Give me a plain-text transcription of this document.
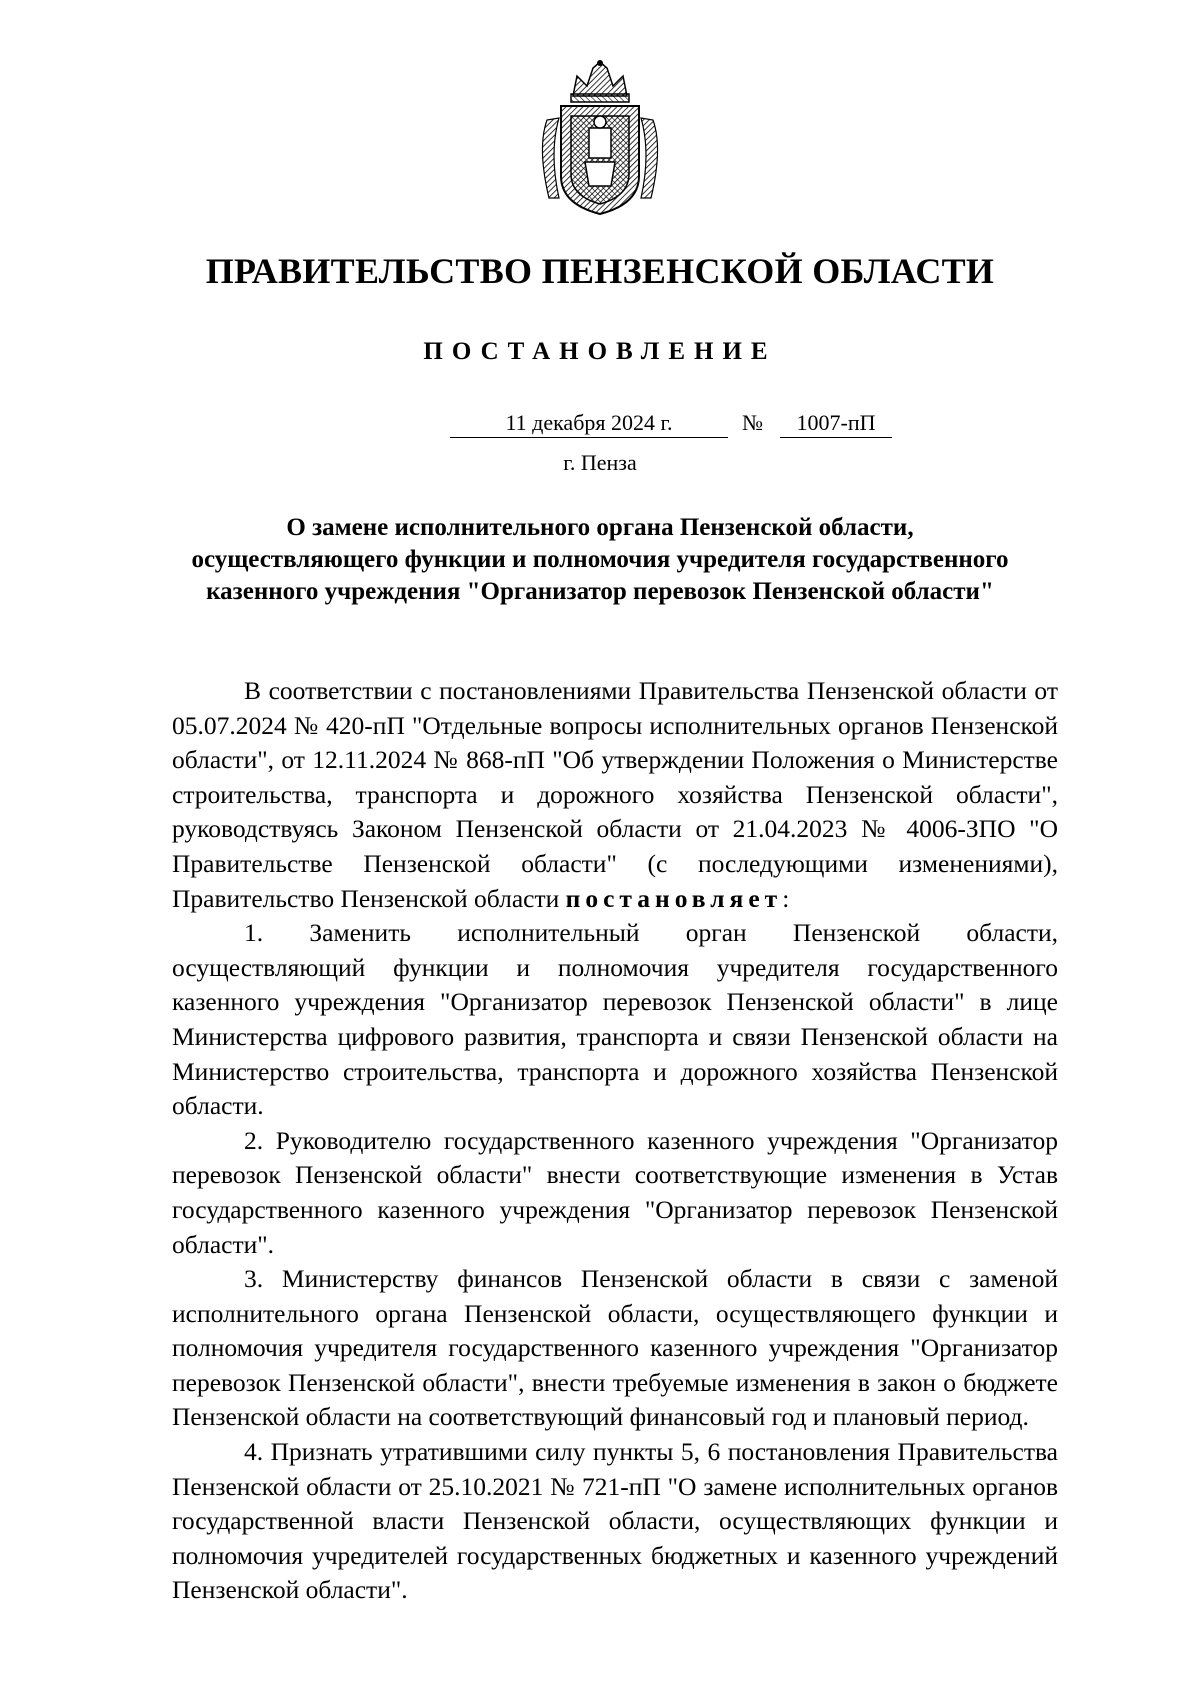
ПРАВИТЕЛЬСТВО ПЕНЗЕНСКОЙ ОБЛАСТИ
ПОСТАНОВЛЕНИЕ
11 декабря 2024 г.	№	1007-пП
г. Пенза
О замене исполнительного органа Пензенской области,
осуществляющего функции и полномочия учредителя государственного
казенного учреждения "Организатор перевозок Пензенской области"

В соответствии с постановлениями Правительства Пензенской области от 05.07.2024 № 420-пП "Отдельные вопросы исполнительных органов Пензенской области", от 12.11.2024 № 868-пП "Об утверждении Положения о Министерстве строительства, транспорта и дорожного хозяйства Пензенской области", руководствуясь Законом Пензенской области от 21.04.2023 № 4006-ЗПО "О Правительстве Пензенской области" (с последующими изменениями), Правительство Пензенской области постановляет:

1. Заменить исполнительный орган Пензенской области, осуществляющий функции и полномочия учредителя государственного казенного учреждения "Организатор перевозок Пензенской области" в лице Министерства цифрового развития, транспорта и связи Пензенской области на Министерство строительства, транспорта и дорожного хозяйства Пензенской области.

2. Руководителю государственного казенного учреждения "Организатор перевозок Пензенской области" внести соответствующие изменения в Устав государственного казенного учреждения "Организатор перевозок Пензенской области".

3. Министерству финансов Пензенской области в связи с заменой исполнительного органа Пензенской области, осуществляющего функции и полномочия учредителя государственного казенного учреждения "Организатор перевозок Пензенской области", внести требуемые изменения в закон о бюджете Пензенской области на соответствующий финансовый год и плановый период.

4. Признать утратившими силу пункты 5, 6 постановления Правительства Пензенской области от 25.10.2021 № 721-пП "О замене исполнительных органов государственной власти Пензенской области, осуществляющих функции и полномочия учредителей государственных бюджетных и казенного учреждений Пензенской области".
